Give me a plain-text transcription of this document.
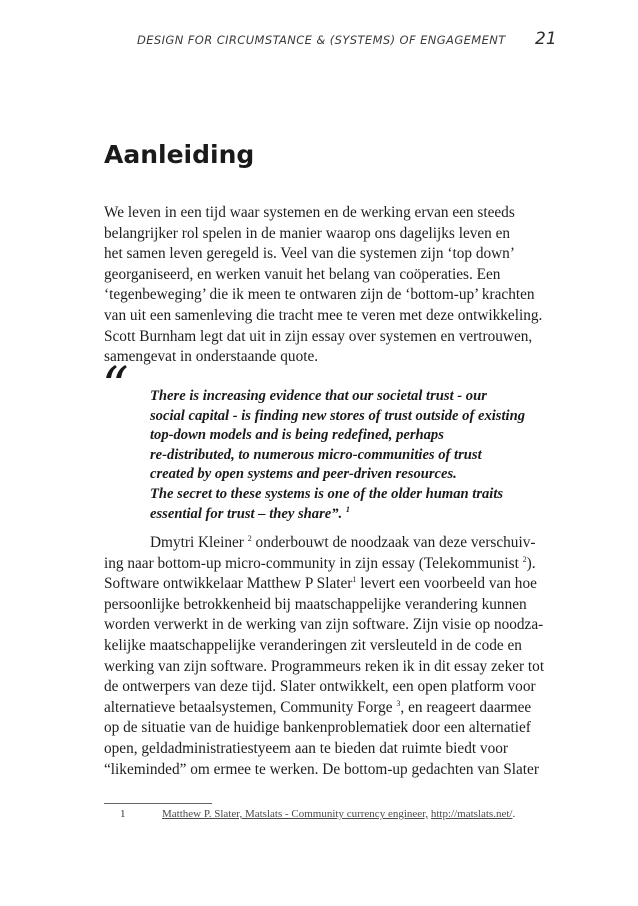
DESIGN FOR CIRCUMSTANCE & (SYSTEMS) OF ENGAGEMENT 21
Aanleiding

We leven in een tijd waar systemen en de werking ervan een steeds
belangrijker rol spelen in de manier waarop ons dagelijks leven en
het samen leven geregeld is. Veel van die systemen zijn ‘top down’
georganiseerd, en werken vanuit het belang van coöperaties. Een
‘tegenbeweging’ die ik meen te ontwaren zijn de ‘bottom-up’ krachten
van uit een samenleving die tracht mee te veren met deze ontwikkeling.
Scott Burnham legt dat uit in zijn essay over systemen en vertrouwen,
samengevat in onderstaande quote.

“ There is increasing evidence that our societal trust - our
social capital - is finding new stores of trust outside of existing
top-down models and is being redefined, perhaps
re-distributed, to numerous micro-communities of trust
created by open systems and peer-driven resources.
The secret to these systems is one of the older human traits
essential for trust – they share”. $^1$

Dmytri Kleiner $^2$ onderbouwt de noodzaak van deze verschuiv-
ing naar bottom-up micro-community in zijn essay (Telekommunist $^2$).
Software ontwikkelaar Matthew P Slater$^1$ levert een voorbeeld van hoe
persoonlijke betrokkenheid bij maatschappelijke verandering kunnen
worden verwerkt in de werking van zijn software. Zijn visie op noodza-
kelijke maatschappelijke veranderingen zit versleuteld in de code en
werking van zijn software. Programmeurs reken ik in dit essay zeker tot
de ontwerpers van deze tijd. Slater ontwikkelt, een open platform voor
alternatieve betaalsystemen, Community Forge $^3$, en reageert daarmee
op de situatie van de huidige bankenproblematiek door een alternatief
open, geldadministratiestyeem aan te bieden dat ruimte biedt voor
“likeminded” om ermee te werken. De bottom-up gedachten van Slater

1	Matthew P. Slater, Matslats - Community currency engineer, http://matslats.net/.
